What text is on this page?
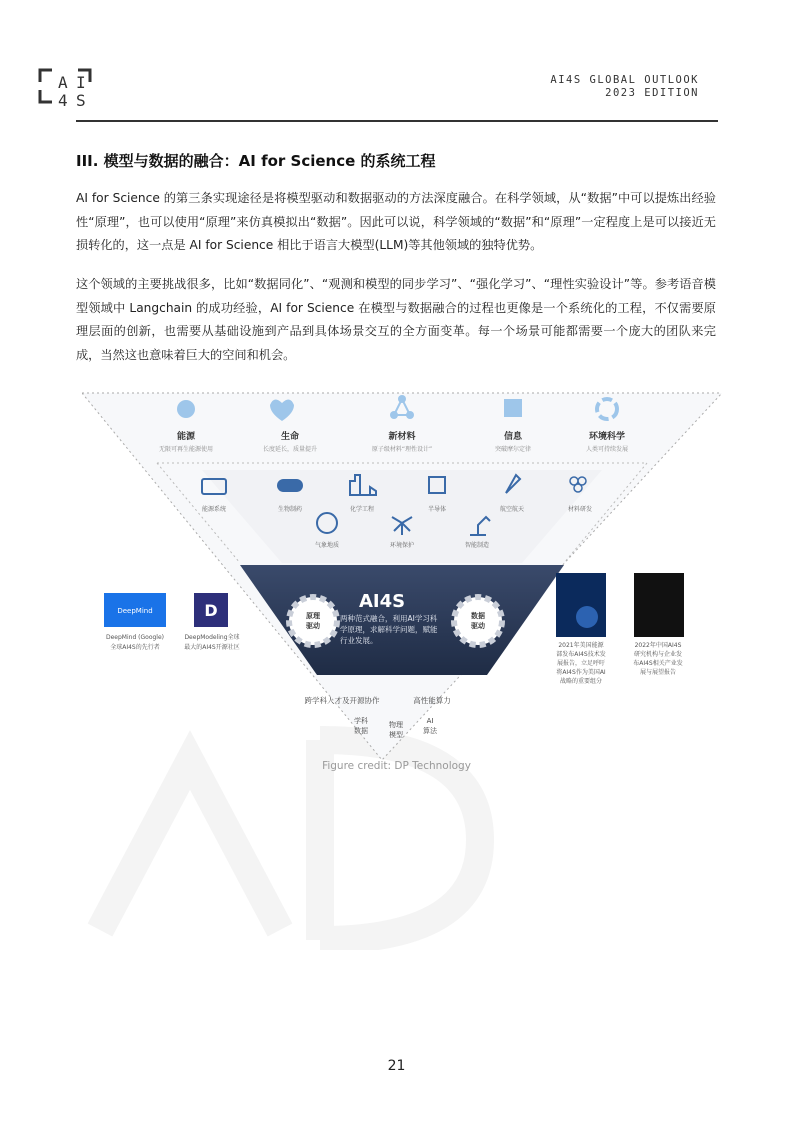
A I
4 S
AI4S GLOBAL OUTLOOK
2023 EDITION
III. 模型与数据的融合：AI for Science 的系统工程
AI for Science 的第三条实现途径是将模型驱动和数据驱动的方法深度融合。在科学领域，从“数据”中可以提炼出经验性“原理”，也可以使用“原理”来仿真模拟出“数据”。因此可以说，科学领域的“数据”和“原理”一定程度上是可以接近无损转化的，这一点是 AI for Science 相比于语言大模型(LLM)等其他领域的独特优势。
这个领域的主要挑战很多，比如“数据同化”、“观测和模型的同步学习”、“强化学习”、“理性实验设计”等。参考语音模型领域中 Langchain 的成功经验，AI for Science 在模型与数据融合的过程也更像是一个系统化的工程，不仅需要原理层面的创新，也需要从基础设施到产品到具体场景交互的全方面变革。每一个场景可能都需要一个庞大的团队来完成，当然这也意味着巨大的空间和机会。
能源
无限可再生能源使用
生命
长度延长，质量提升
新材料
原子级材料“理性设计”
信息
突破摩尔定律
环境科学
人类可持续发展
能源系统	生物制药	化学工程	半导体	航空航天	材料研发
气象地质	环境保护	智能制造
AI4S
两种范式融合，利用AI学习科学原理，求解科学问题，赋能行业发展。
原理
驱动
数据
驱动
跨学科人才及开源协作	高性能算力
学科
数据
物理
模型
AI
算法
DeepMind
DeepMind (Google)
全球AI4S的先行者
D
DeepModeling全球
最大的AI4S开源社区	2021年美国能源
部发布AI4S技术发
展报告，立足呼吁
将AI4S作为美国AI
战略的重要组分
2022年中国AI4S
研究机构与企业发
布AI4S相关产业发
展与展望报告
Figure credit: DP Technology
21
